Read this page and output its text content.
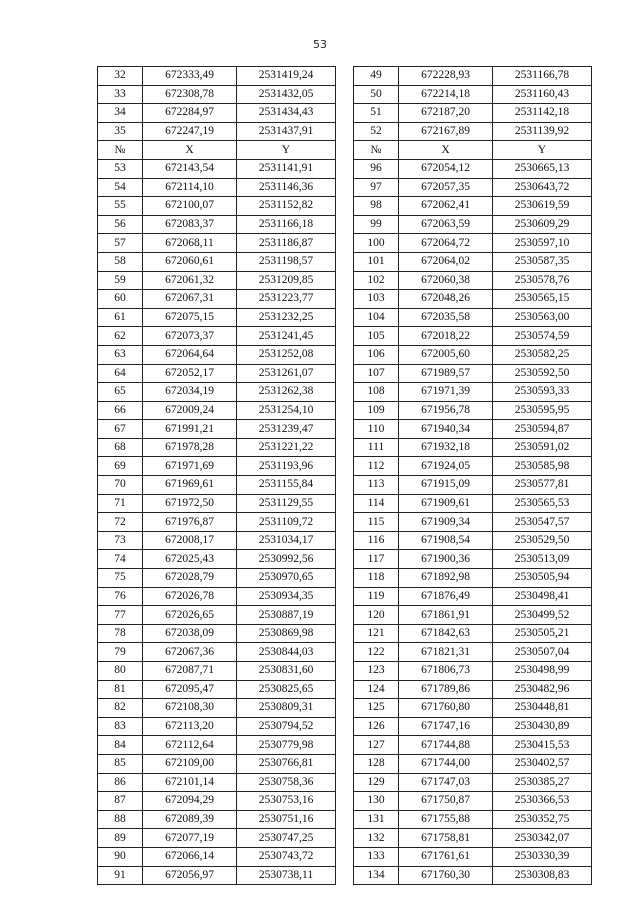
53
32	672333,49	2531419,24		49	672228,93	2531166,78
33	672308,78	2531432,05		50	672214,18	2531160,43
34	672284,97	2531434,43		51	672187,20	2531142,18
35	672247,19	2531437,91		52	672167,89	2531139,92
№	X	Y		№	X	Y
53	672143,54	2531141,91		96	672054,12	2530665,13
54	672114,10	2531146,36		97	672057,35	2530643,72
55	672100,07	2531152,82		98	672062,41	2530619,59
56	672083,37	2531166,18		99	672063,59	2530609,29
57	672068,11	2531186,87		100	672064,72	2530597,10
58	672060,61	2531198,57		101	672064,02	2530587,35
59	672061,32	2531209,85		102	672060,38	2530578,76
60	672067,31	2531223,77		103	672048,26	2530565,15
61	672075,15	2531232,25		104	672035,58	2530563,00
62	672073,37	2531241,45		105	672018,22	2530574,59
63	672064,64	2531252,08		106	672005,60	2530582,25
64	672052,17	2531261,07		107	671989,57	2530592,50
65	672034,19	2531262,38		108	671971,39	2530593,33
66	672009,24	2531254,10		109	671956,78	2530595,95
67	671991,21	2531239,47		110	671940,34	2530594,87
68	671978,28	2531221,22		111	671932,18	2530591,02
69	671971,69	2531193,96		112	671924,05	2530585,98
70	671969,61	2531155,84		113	671915,09	2530577,81
71	671972,50	2531129,55		114	671909,61	2530565,53
72	671976,87	2531109,72		115	671909,34	2530547,57
73	672008,17	2531034,17		116	671908,54	2530529,50
74	672025,43	2530992,56		117	671900,36	2530513,09
75	672028,79	2530970,65		118	671892,98	2530505,94
76	672026,78	2530934,35		119	671876,49	2530498,41
77	672026,65	2530887,19		120	671861,91	2530499,52
78	672038,09	2530869,98		121	671842,63	2530505,21
79	672067,36	2530844,03		122	671821,31	2530507,04
80	672087,71	2530831,60		123	671806,73	2530498,99
81	672095,47	2530825,65		124	671789,86	2530482,96
82	672108,30	2530809,31		125	671760,80	2530448,81
83	672113,20	2530794,52		126	671747,16	2530430,89
84	672112,64	2530779,98		127	671744,88	2530415,53
85	672109,00	2530766,81		128	671744,00	2530402,57
86	672101,14	2530758,36		129	671747,03	2530385,27
87	672094,29	2530753,16		130	671750,87	2530366,53
88	672089,39	2530751,16		131	671755,88	2530352,75
89	672077,19	2530747,25		132	671758,81	2530342,07
90	672066,14	2530743,72		133	671761,61	2530330,39
91	672056,97	2530738,11		134	671760,30	2530308,83
